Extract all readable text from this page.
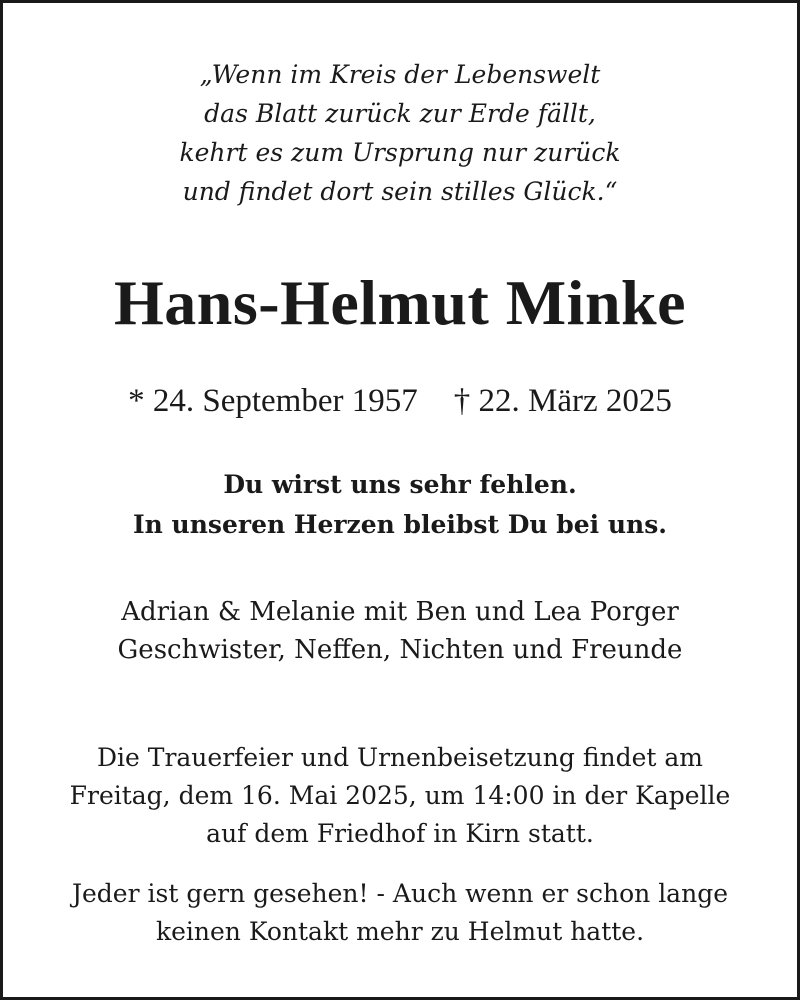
„Wenn im Kreis der Lebenswelt
das Blatt zurück zur Erde fällt,
kehrt es zum Ursprung nur zurück
und findet dort sein stilles Glück.“
Hans-Helmut Minke
* 24. September 1957 † 22. März 2025
Du wirst uns sehr fehlen.
In unseren Herzen bleibst Du bei uns.
Adrian & Melanie mit Ben und Lea Porger
Geschwister, Neffen, Nichten und Freunde
Die Trauerfeier und Urnenbeisetzung findet am
Freitag, dem 16. Mai 2025, um 14:00 in der Kapelle
auf dem Friedhof in Kirn statt.
Jeder ist gern gesehen! - Auch wenn er schon lange
keinen Kontakt mehr zu Helmut hatte.
